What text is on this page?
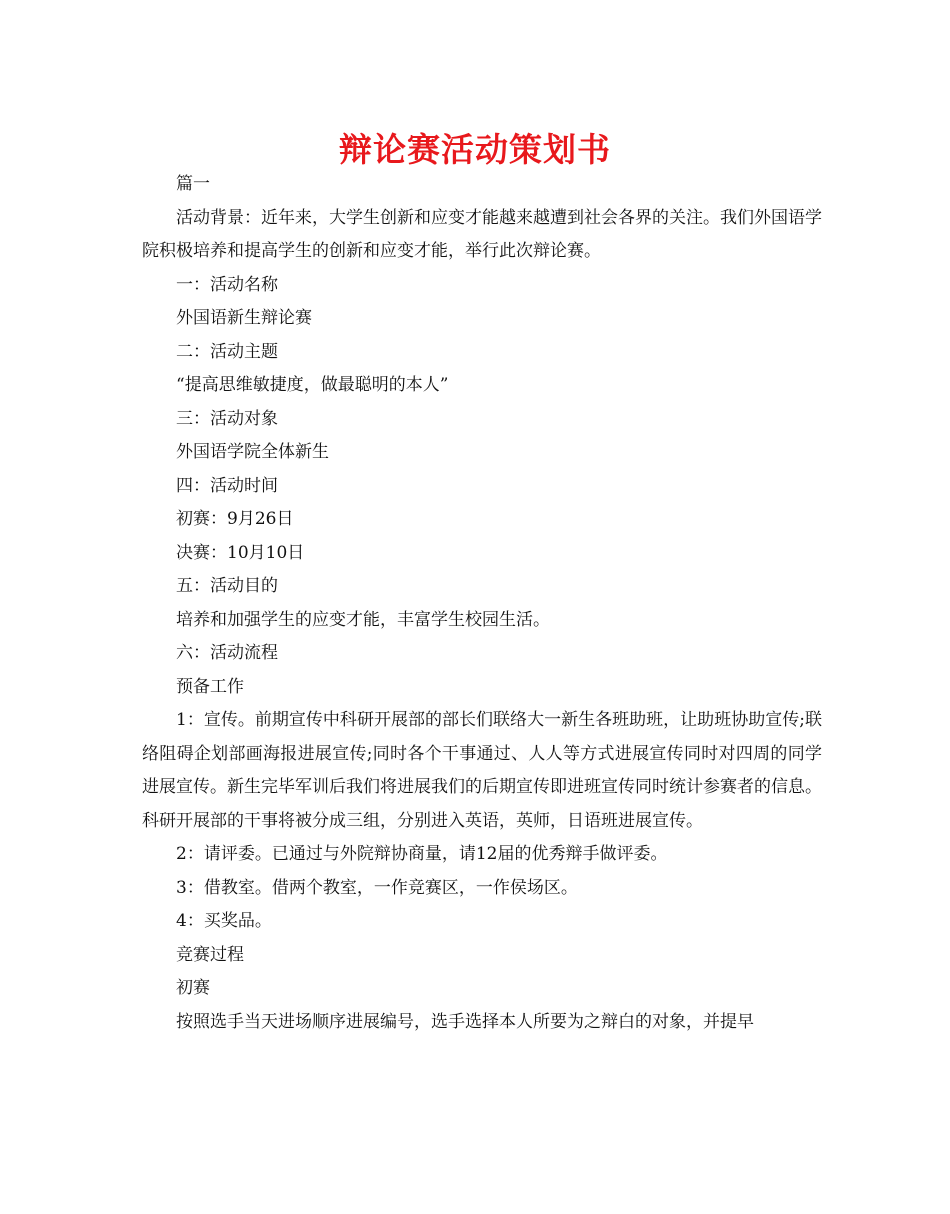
辩论赛活动策划书

篇一

活动背景：近年来，大学生创新和应变才能越来越遭到社会各界的关注。我们外国语学院积极培养和提高学生的创新和应变才能，举行此次辩论赛。

一：活动名称

外国语新生辩论赛

二：活动主题

“提高思维敏捷度，做最聪明的本人”

三：活动对象

外国语学院全体新生

四：活动时间

初赛：9月26日

决赛：10月10日

五：活动目的

培养和加强学生的应变才能，丰富学生校园生活。

六：活动流程

预备工作

1：宣传。前期宣传中科研开展部的部长们联络大一新生各班助班，让助班协助宣传;联络阻碍企划部画海报进展宣传;同时各个干事通过、人人等方式进展宣传同时对四周的同学进展宣传。新生完毕军训后我们将进展我们的后期宣传即进班宣传同时统计参赛者的信息。科研开展部的干事将被分成三组，分别进入英语，英师，日语班进展宣传。

2：请评委。已通过与外院辩协商量，请12届的优秀辩手做评委。

3：借教室。借两个教室，一作竞赛区，一作侯场区。

4：买奖品。

竞赛过程

初赛

按照选手当天进场顺序进展编号，选手选择本人所要为之辩白的对象，并提早
